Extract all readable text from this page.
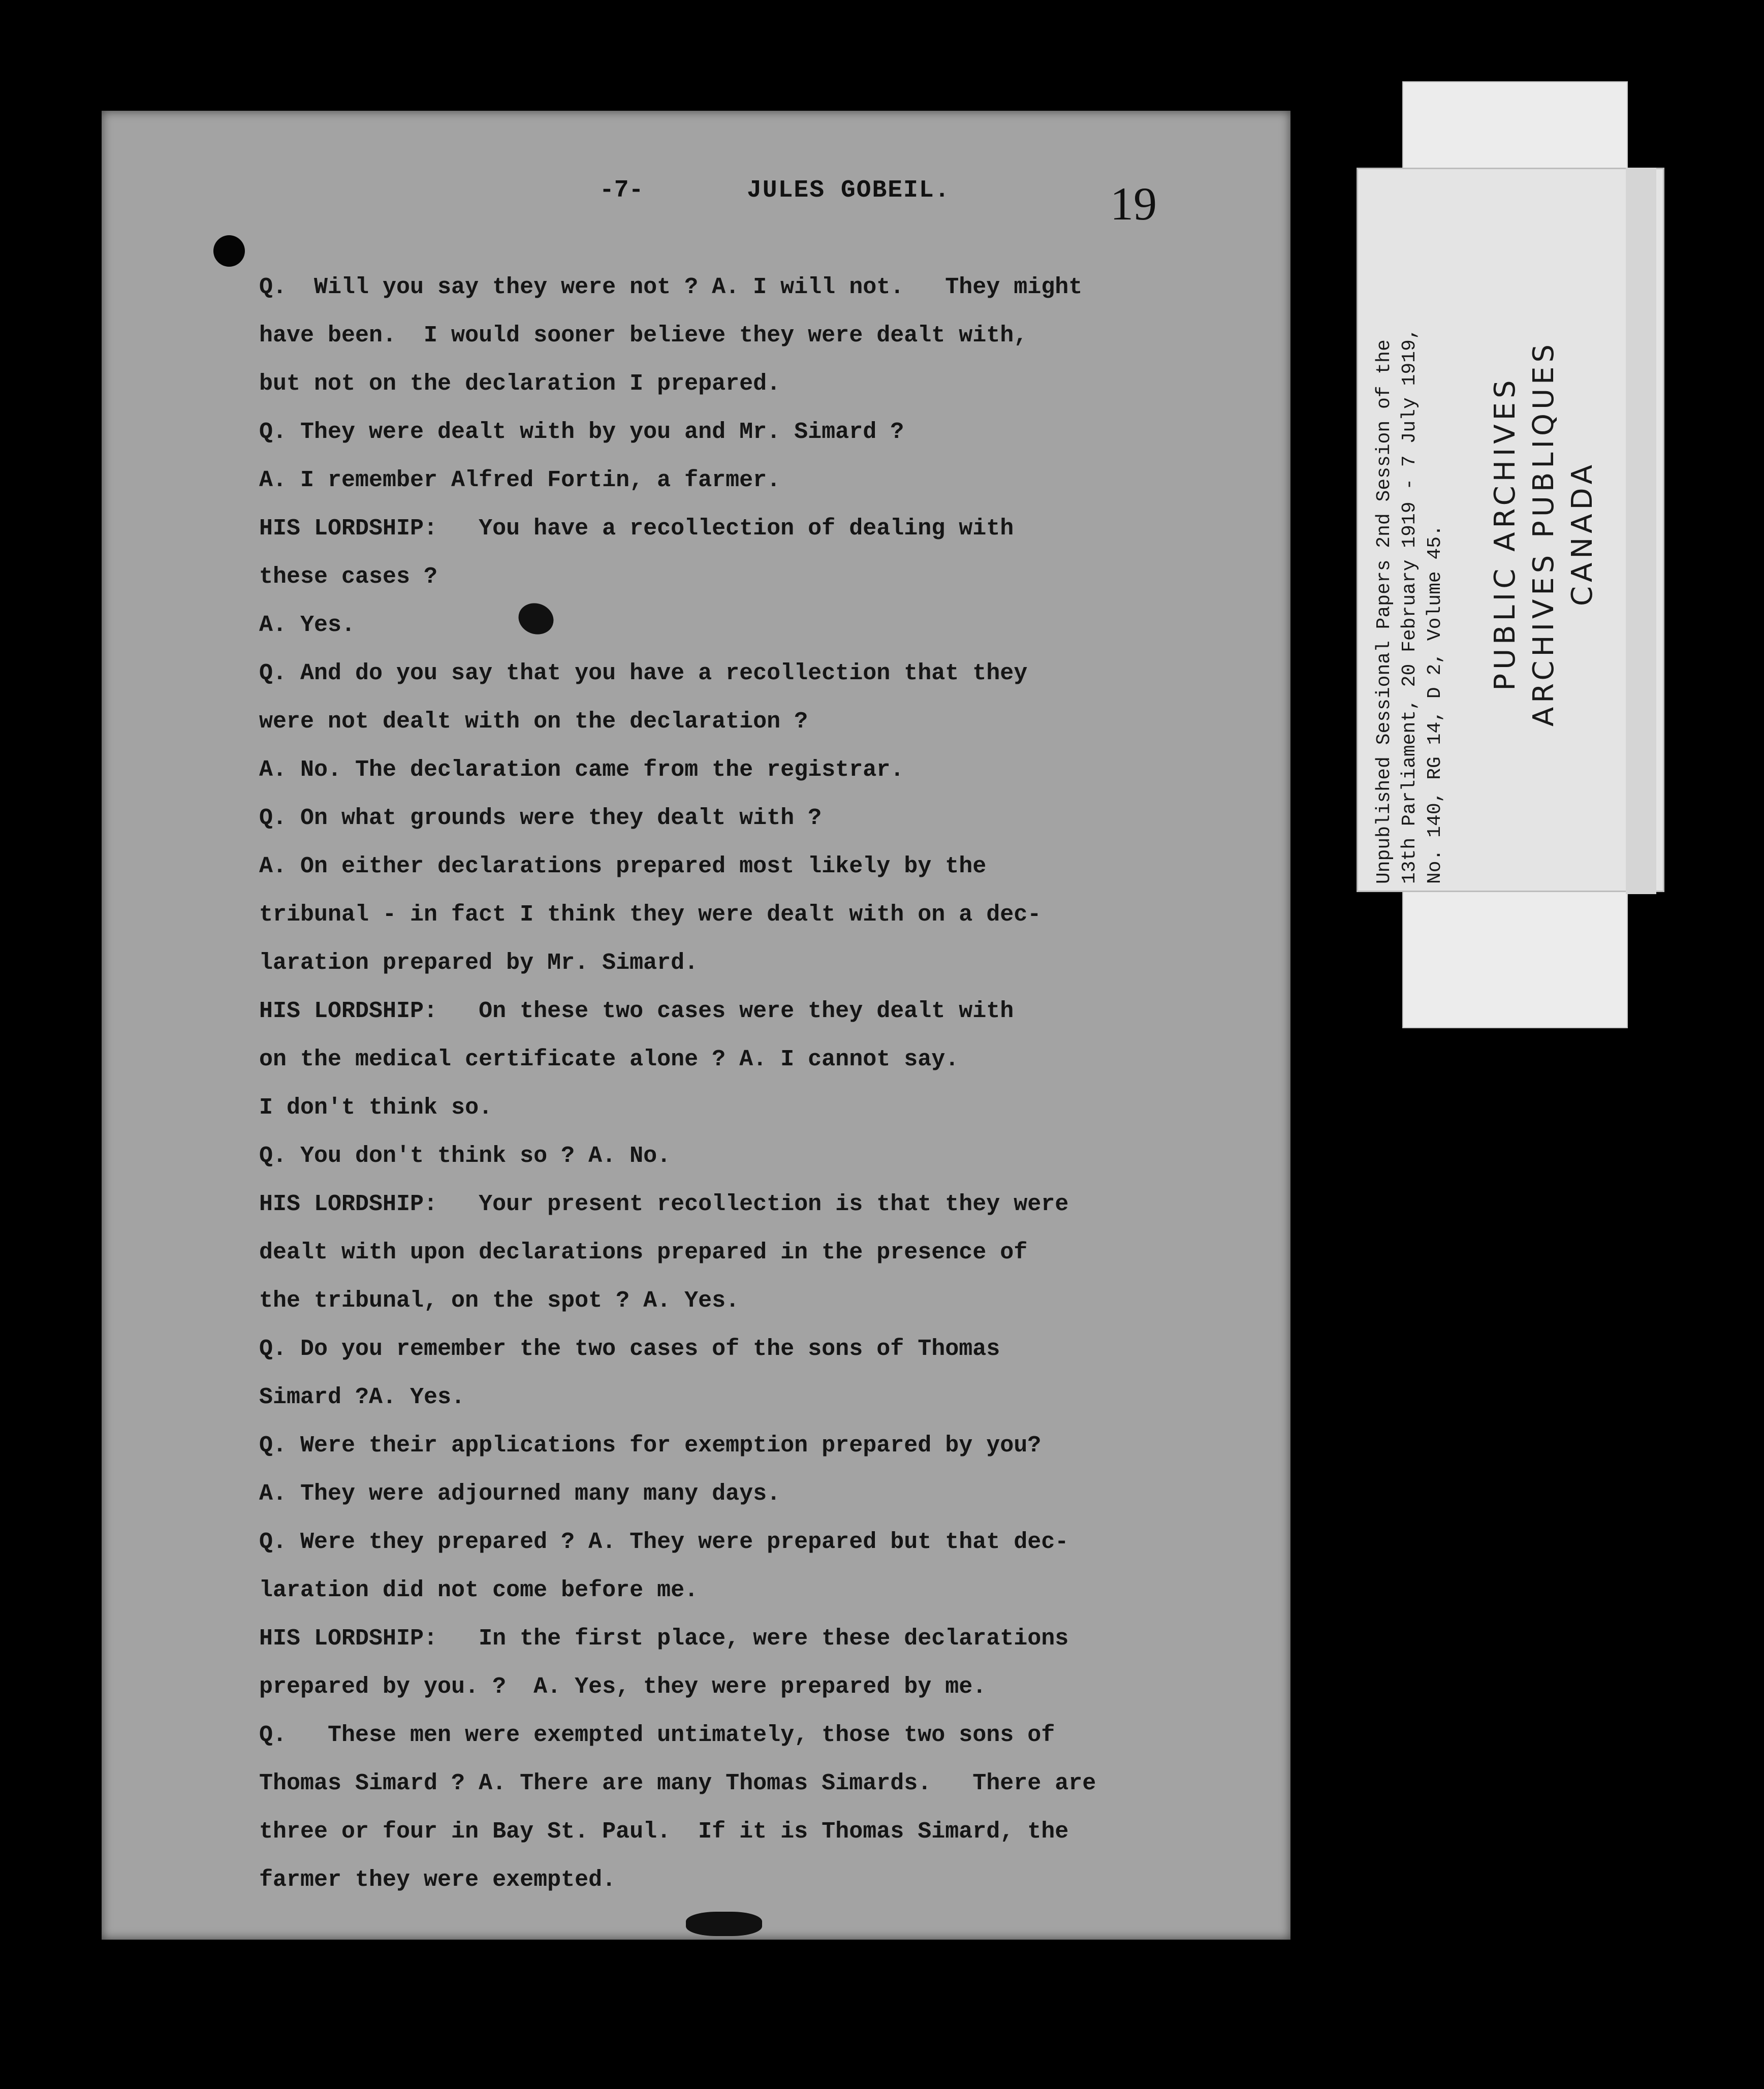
-7-	JULES GOBEIL.	19
Q.  Will you say they were not ? A. I will not.   They might
have been.  I would sooner believe they were dealt with,
but not on the declaration I prepared.
Q. They were dealt with by you and Mr. Simard ?
A. I remember Alfred Fortin, a farmer.
HIS LORDSHIP:   You have a recollection of dealing with
these cases ?
A. Yes.
Q. And do you say that you have a recollection that they
were not dealt with on the declaration ?
A. No. The declaration came from the registrar.
Q. On what grounds were they dealt with ?
A. On either declarations prepared most likely by the
tribunal - in fact I think they were dealt with on a dec-
laration prepared by Mr. Simard.
HIS LORDSHIP:   On these two cases were they dealt with
on the medical certificate alone ? A. I cannot say.
I don't think so.
Q. You don't think so ? A. No.
HIS LORDSHIP:   Your present recollection is that they were
dealt with upon declarations prepared in the presence of
the tribunal, on the spot ? A. Yes.
Q. Do you remember the two cases of the sons of Thomas
Simard ?A. Yes.
Q. Were their applications for exemption prepared by you?
A. They were adjourned many many days.
Q. Were they prepared ? A. They were prepared but that dec-
laration did not come before me.
HIS LORDSHIP:   In the first place, were these declarations
prepared by you. ?  A. Yes, they were prepared by me.
Q.   These men were exempted untimately, those two sons of
Thomas Simard ? A. There are many Thomas Simards.   There are
three or four in Bay St. Paul.  If it is Thomas Simard, the
farmer they were exempted.
Unpublished Sessional Papers 2nd Session of the 13th Parliament, 20 February 1919 - 7 July 1919, No. 140, RG 14, D 2, Volume 45. PUBLIC ARCHIVES ARCHIVES PUBLIQUES CANADA
